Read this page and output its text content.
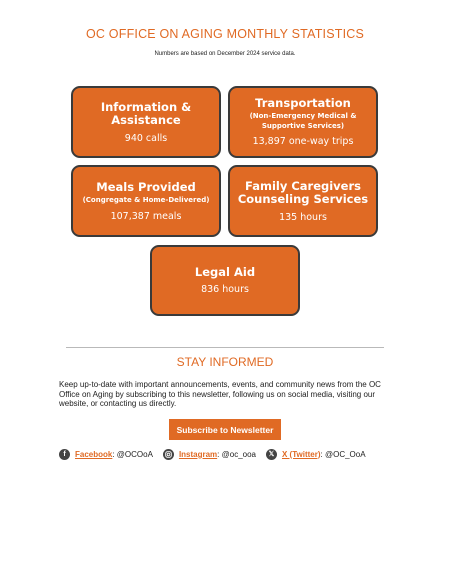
OC OFFICE ON AGING MONTHLY STATISTICS
Numbers are based on December 2024 service data.
Information &
Assistance
940 calls
Transportation
(Non-Emergency Medical &
Supportive Services)
13,897 one-way trips
Meals Provided
(Congregate & Home-Delivered)
107,387 meals
Family Caregivers
Counseling Services
135 hours
Legal Aid
836 hours
STAY INFORMED
Keep up-to-date with important announcements, events, and community news from the OC Office on Aging by subscribing to this newsletter, following us on social media, visiting our website, or contacting us directly.
Subscribe to Newsletter
f	Facebook : @OCOoA	Instagram : @oc_ooa	𝕏 X (Twitter) : @OC_OoA
